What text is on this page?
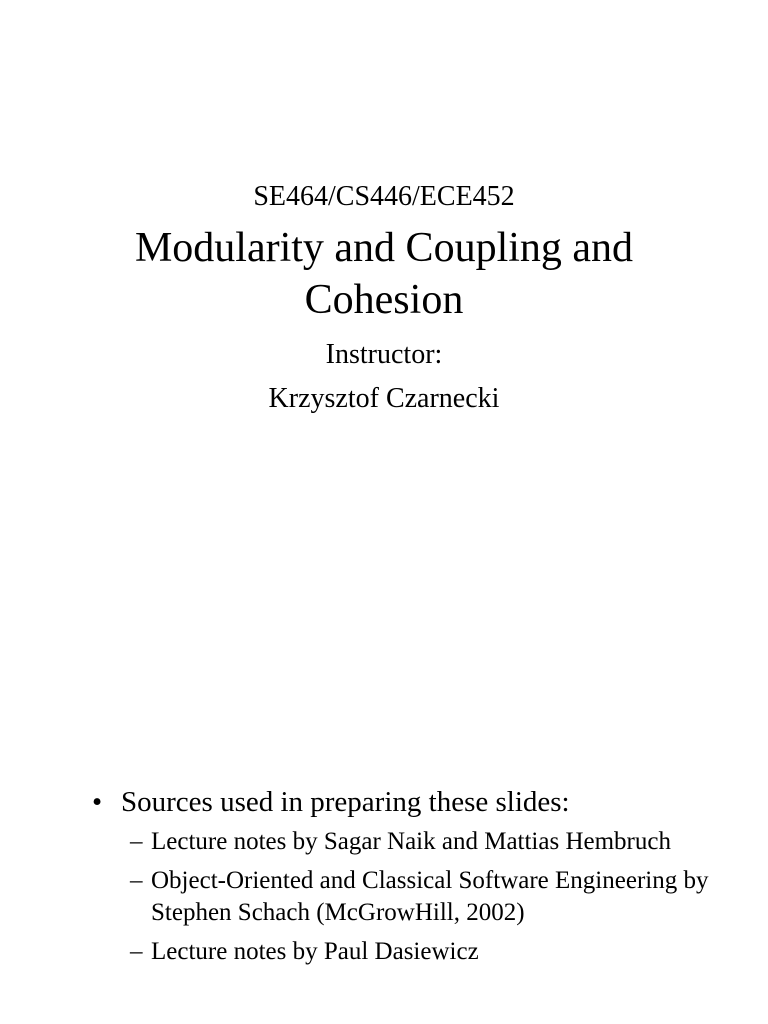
SE464/CS446/ECE452
Modularity and Coupling and Cohesion
Instructor:
Krzysztof Czarnecki
• Sources used in preparing these slides:
– Lecture notes by Sagar Naik and Mattias Hembruch
– Object-Oriented and Classical Software Engineering by Stephen Schach (McGrowHill, 2002)
– Lecture notes by Paul Dasiewicz
